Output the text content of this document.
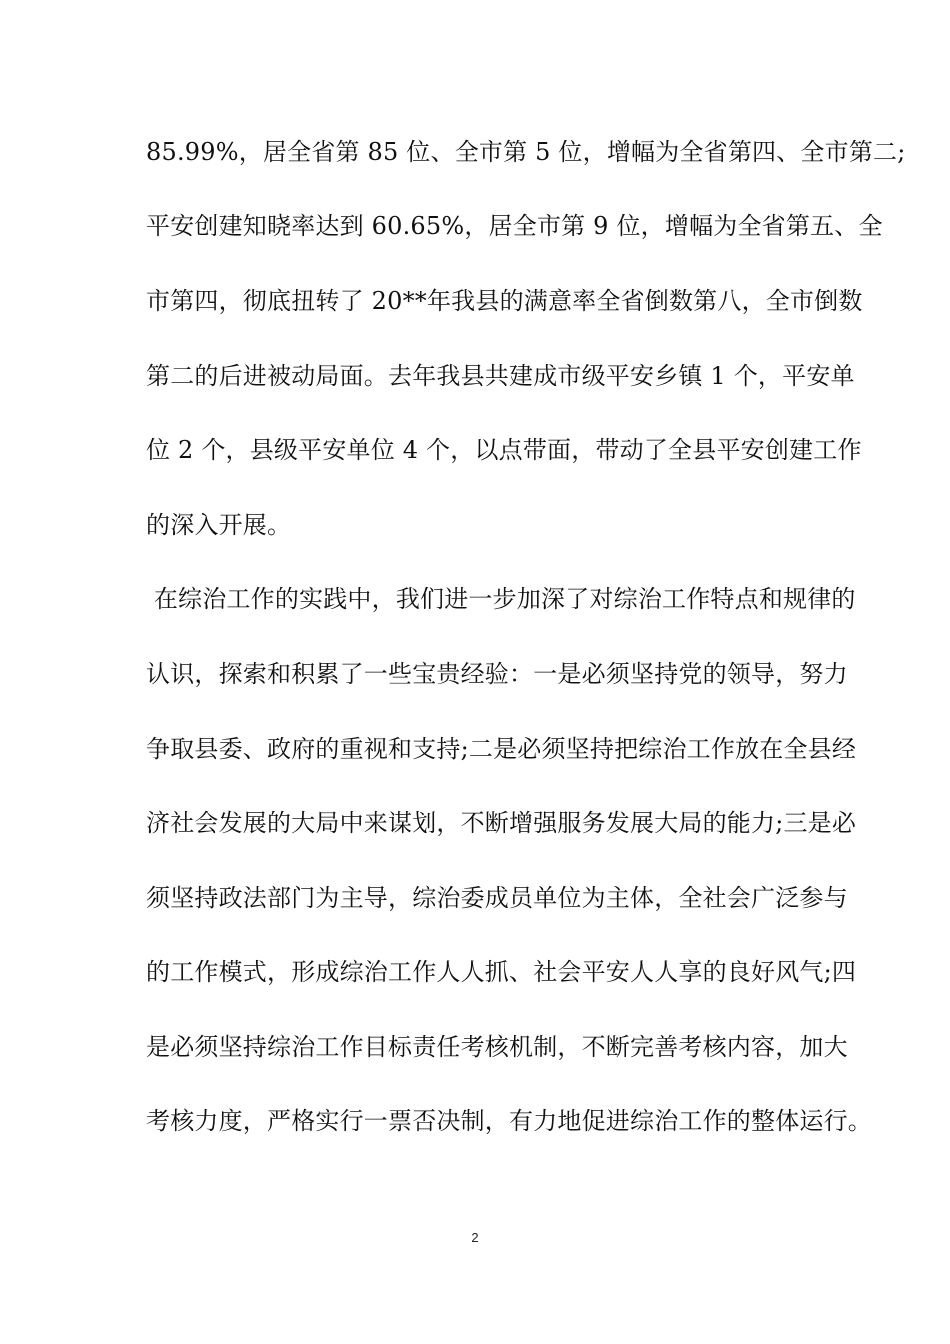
85.99%，居全省第 85 位、全市第 5 位，增幅为全省第四、全市第二;
平安创建知晓率达到 60.65%，居全市第 9 位，增幅为全省第五、全
市第四，彻底扭转了 20**年我县的满意率全省倒数第八，全市倒数
第二的后进被动局面。去年我县共建成市级平安乡镇 1 个，平安单
位 2 个，县级平安单位 4 个，以点带面，带动了全县平安创建工作
的深入开展。
在综治工作的实践中，我们进一步加深了对综治工作特点和规律的
认识，探索和积累了一些宝贵经验：一是必须坚持党的领导，努力
争取县委、政府的重视和支持;二是必须坚持把综治工作放在全县经
济社会发展的大局中来谋划，不断增强服务发展大局的能力;三是必
须坚持政法部门为主导，综治委成员单位为主体，全社会广泛参与
的工作模式，形成综治工作人人抓、社会平安人人享的良好风气;四
是必须坚持综治工作目标责任考核机制，不断完善考核内容，加大
考核力度，严格实行一票否决制，有力地促进综治工作的整体运行。
2
